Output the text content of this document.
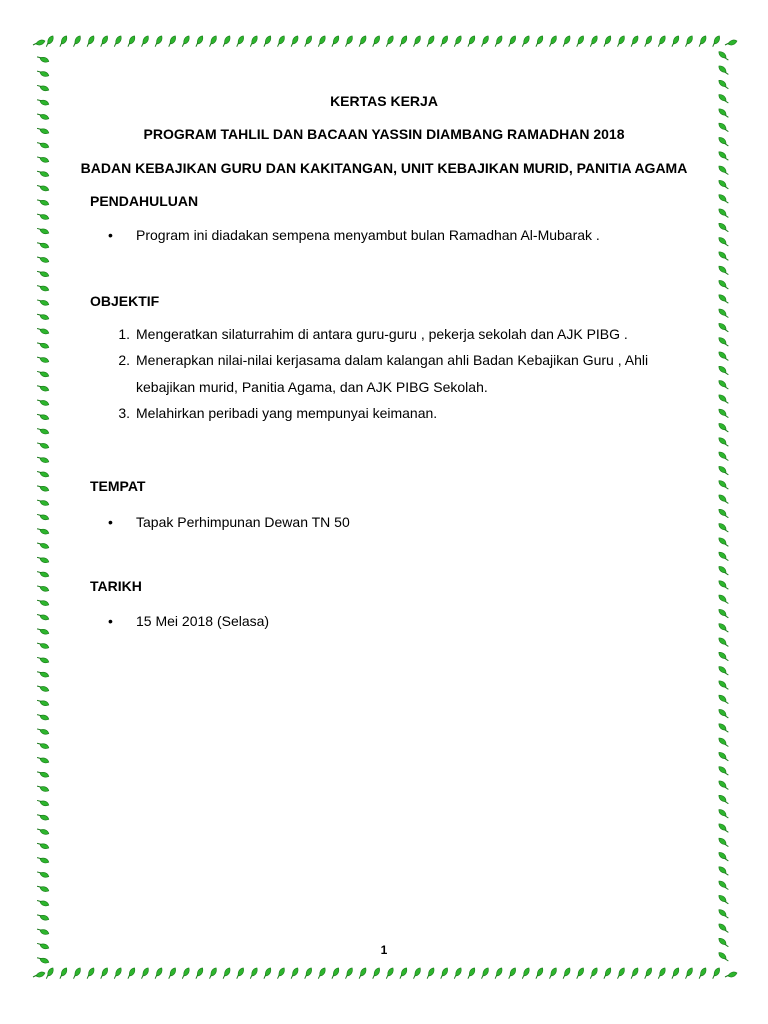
KERTAS KERJA
PROGRAM TAHLIL DAN BACAAN YASSIN DIAMBANG RAMADHAN 2018
BADAN KEBAJIKAN GURU DAN KAKITANGAN, UNIT KEBAJIKAN MURID, PANITIA AGAMA
PENDAHULUAN
•	Program ini diadakan sempena menyambut bulan Ramadhan Al-Mubarak .
OBJEKTIF
1. Mengeratkan silaturrahim di antara guru-guru , pekerja sekolah dan AJK PIBG .
2. Menerapkan nilai-nilai kerjasama dalam kalangan ahli Badan Kebajikan Guru , Ahli
kebajikan murid, Panitia Agama, dan AJK PIBG Sekolah.
3. Melahirkan peribadi yang mempunyai keimanan.
TEMPAT
•	Tapak Perhimpunan Dewan TN 50
TARIKH
•	15 Mei 2018 (Selasa)
1
